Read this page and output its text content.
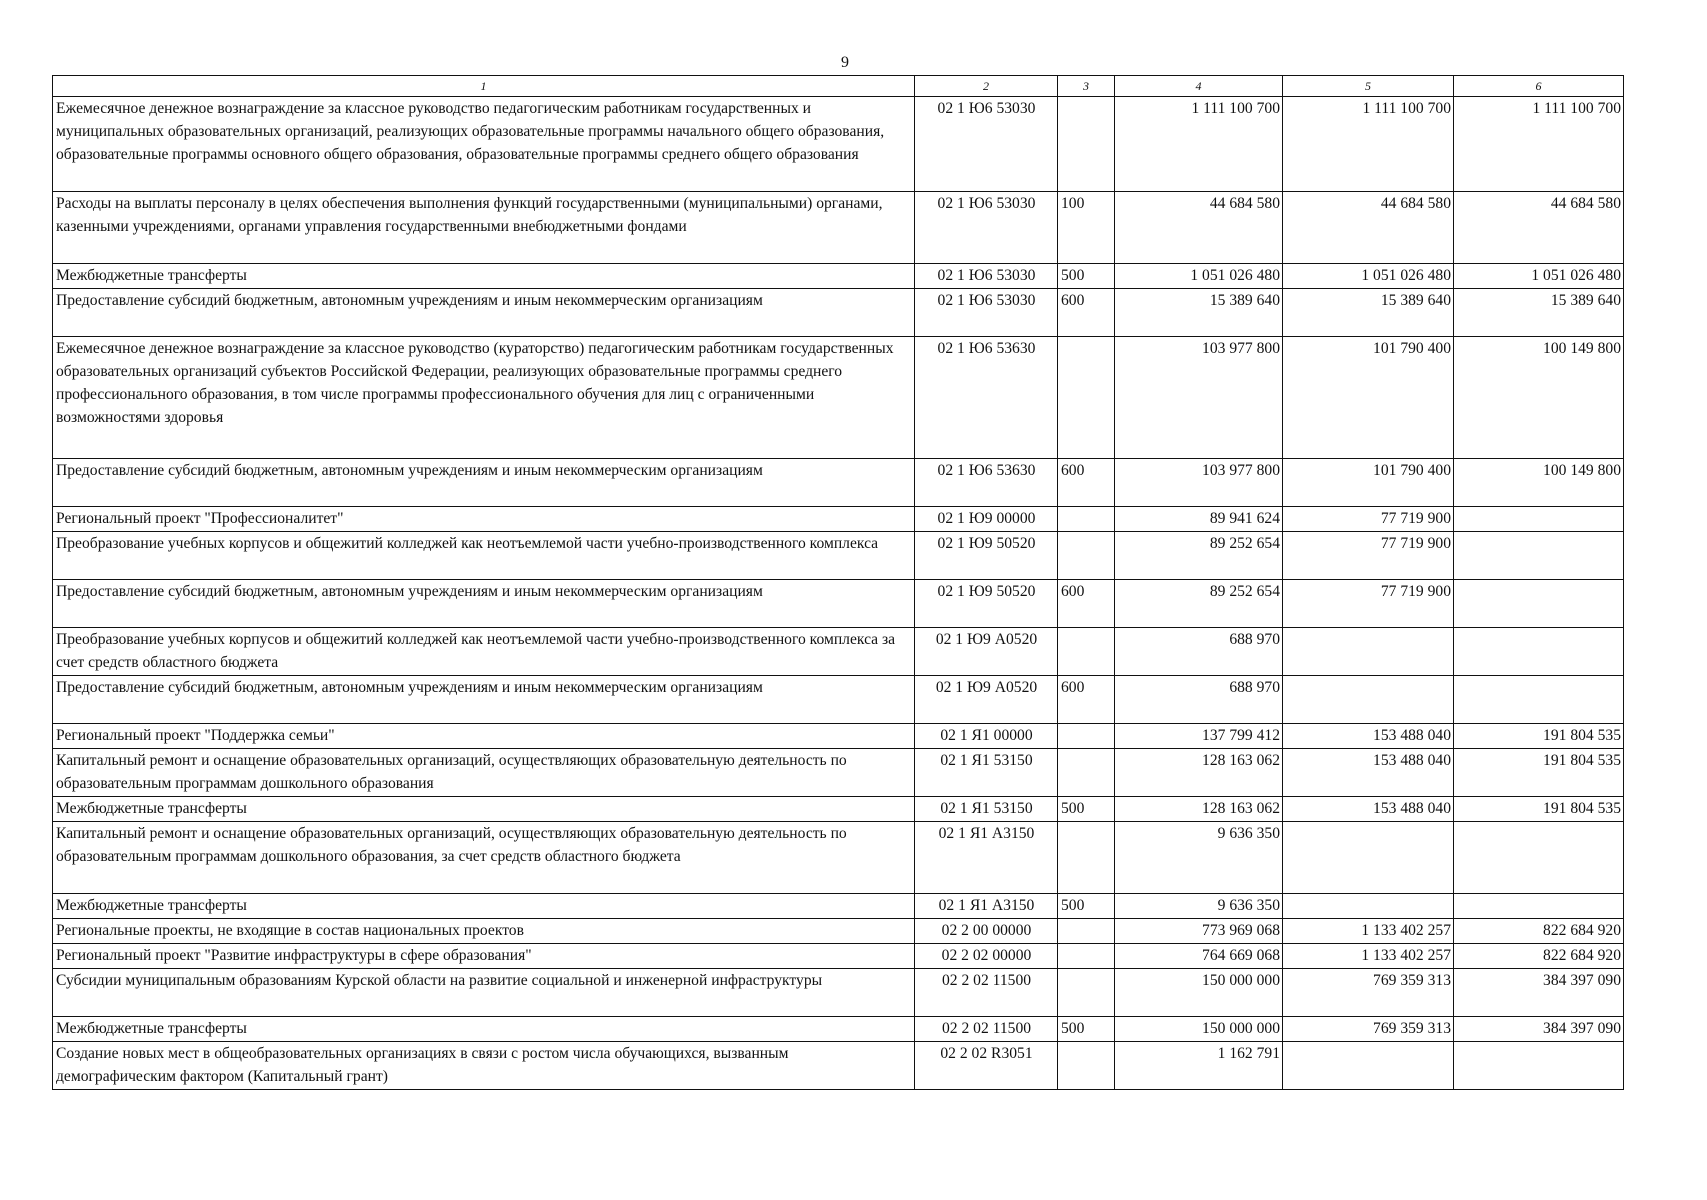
9
1	2	3	4	5	6
Ежемесячное денежное вознаграждение за классное руководство педагогическим работникам государственных и муниципальных образовательных организаций, реализующих образовательные программы начального общего образования, образовательные программы основного общего образования, образовательные программы среднего общего образования	02 1 Ю6 53030		1 111 100 700	1 111 100 700	1 111 100 700
Расходы на выплаты персоналу в целях обеспечения выполнения функций государственными (муниципальными) органами, казенными учреждениями, органами управления государственными внебюджетными фондами	02 1 Ю6 53030	100	44 684 580	44 684 580	44 684 580
Межбюджетные трансферты	02 1 Ю6 53030	500	1 051 026 480	1 051 026 480	1 051 026 480
Предоставление субсидий бюджетным, автономным учреждениям и иным некоммерческим организациям	02 1 Ю6 53030	600	15 389 640	15 389 640	15 389 640
Ежемесячное денежное вознаграждение за классное руководство (кураторство) педагогическим работникам государственных образовательных организаций субъектов Российской Федерации, реализующих образовательные программы среднего профессионального образования, в том числе программы профессионального обучения для лиц с ограниченными возможностями здоровья	02 1 Ю6 53630		103 977 800	101 790 400	100 149 800
Предоставление субсидий бюджетным, автономным учреждениям и иным некоммерческим организациям	02 1 Ю6 53630	600	103 977 800	101 790 400	100 149 800
Региональный проект "Профессионалитет"	02 1 Ю9 00000		89 941 624	77 719 900	
Преобразование учебных корпусов и общежитий колледжей как неотъемлемой части учебно-производственного комплекса	02 1 Ю9 50520		89 252 654	77 719 900	
Предоставление субсидий бюджетным, автономным учреждениям и иным некоммерческим организациям	02 1 Ю9 50520	600	89 252 654	77 719 900	
Преобразование учебных корпусов и общежитий колледжей как неотъемлемой части учебно-производственного комплекса за счет средств областного бюджета	02 1 Ю9 А0520		688 970		
Предоставление субсидий бюджетным, автономным учреждениям и иным некоммерческим организациям	02 1 Ю9 А0520	600	688 970		
Региональный проект "Поддержка семьи"	02 1 Я1 00000		137 799 412	153 488 040	191 804 535
Капитальный ремонт и оснащение образовательных организаций, осуществляющих образовательную деятельность по образовательным программам дошкольного образования	02 1 Я1 53150		128 163 062	153 488 040	191 804 535
Межбюджетные трансферты	02 1 Я1 53150	500	128 163 062	153 488 040	191 804 535
Капитальный ремонт и оснащение образовательных организаций, осуществляющих образовательную деятельность по образовательным программам дошкольного образования, за счет средств областного бюджета	02 1 Я1 А3150		9 636 350		
Межбюджетные трансферты	02 1 Я1 А3150	500	9 636 350		
Региональные проекты, не входящие в состав национальных проектов	02 2 00 00000		773 969 068	1 133 402 257	822 684 920
Региональный проект "Развитие инфраструктуры в сфере образования"	02 2 02 00000		764 669 068	1 133 402 257	822 684 920
Субсидии муниципальным образованиям Курской области на развитие социальной и инженерной инфраструктуры	02 2 02 11500		150 000 000	769 359 313	384 397 090
Межбюджетные трансферты	02 2 02 11500	500	150 000 000	769 359 313	384 397 090
Создание новых мест в общеобразовательных организациях в связи с ростом числа обучающихся, вызванным демографическим фактором (Капитальный грант)	02 2 02 R3051		1 162 791		
